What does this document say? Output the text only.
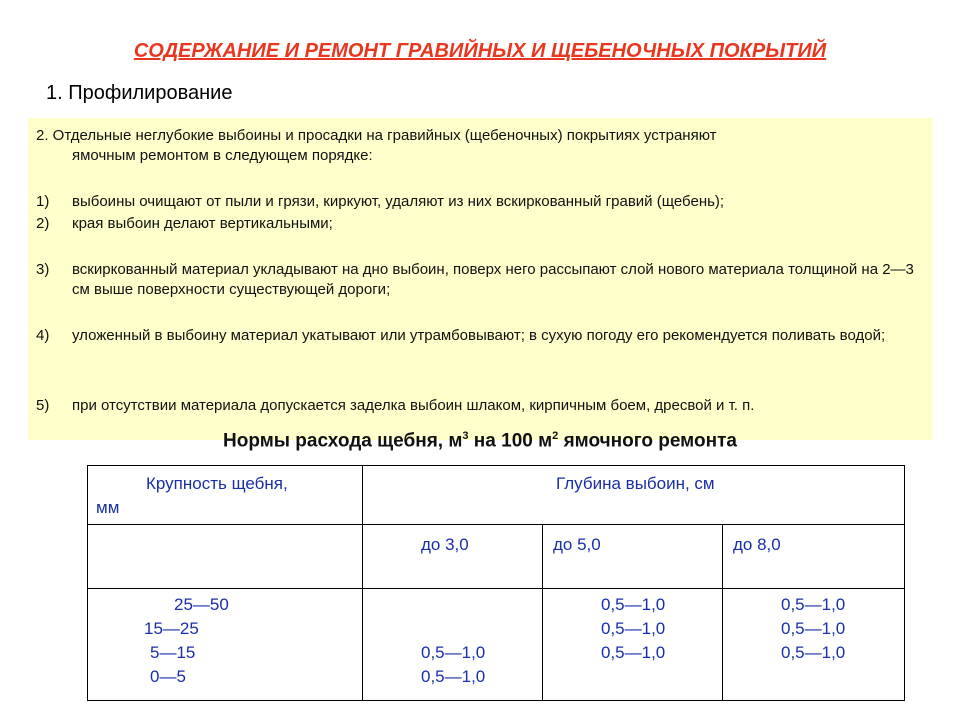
СОДЕРЖАНИЕ И РЕМОНТ ГРАВИЙНЫХ И ЩЕБЕНОЧНЫХ ПОКРЫТИЙ
1. Профилирование
2. Отдельные неглубокие выбоины и просадки на гравийных (щебеночных) покрытиях устраняют
ямочным ремонтом в следующем порядке:
1) выбоины очищают от пыли и грязи, киркуют, удаляют из них вскиркованный гравий (щебень);
2) края выбоин делают вертикальными;
3) вскиркованный материал укладывают на дно выбоин, поверх него рассыпают слой нового материала толщиной на 2—3 см выше поверхности существующей дороги;
4) уложенный в выбоину материал укатывают или утрамбовывают; в сухую погоду его рекомендуется поливать водой;
5) при отсутствии материала допускается заделка выбоин шлаком, кирпичным боем, дресвой и т. п.
Нормы расхода щебня, $м^3$ на 100 $м^2$ ямочного ремонта
Крупность щебня,
мм
Глубина выбоин, см
до 3,0	до 5,0	до 8,0
25—50
15—25
5—15
0—5
0,5—1,0
0,5—1,0
0,5—1,0
0,5—1,0
0,5—1,0
0,5—1,0
0,5—1,0
0,5—1,0
